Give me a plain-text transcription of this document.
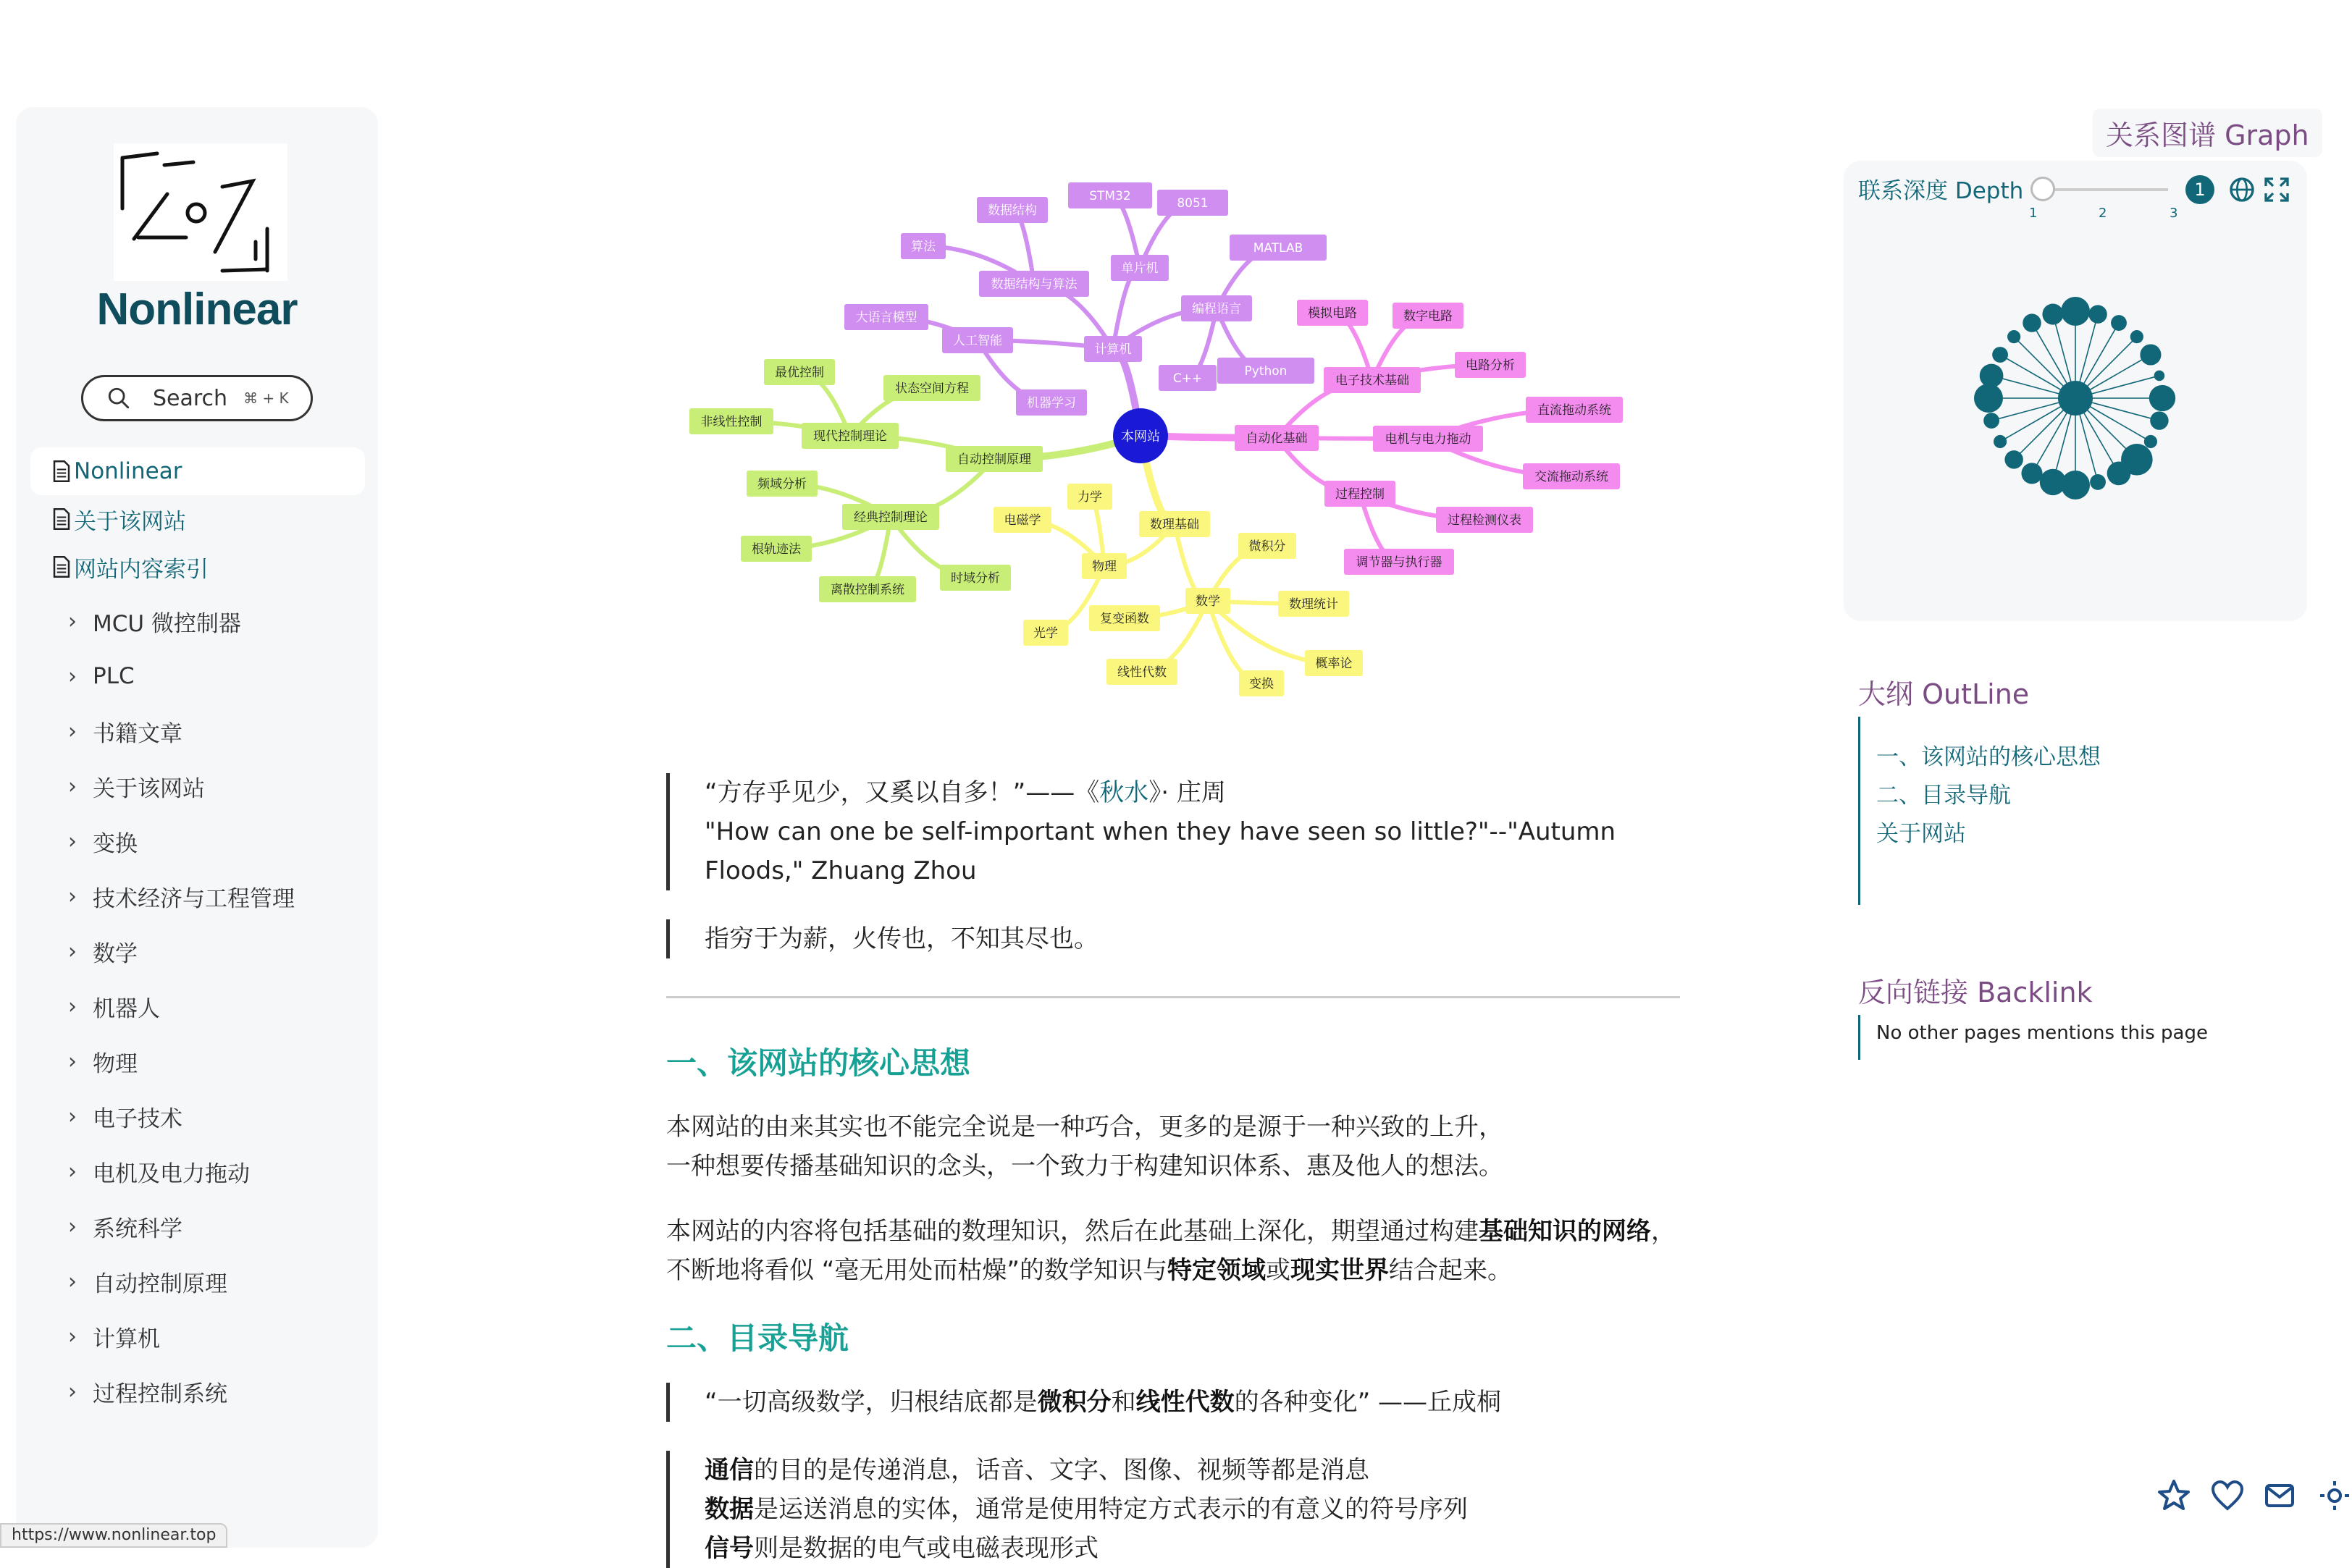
Nonlinear
Search ⌘ + K
Nonlinear
关于该网站
网站内容索引
› MCU 微控制器
› PLC
› 书籍文章
› 关于该网站
› 变换
› 技术经济与工程管理
› 数学
› 机器人
› 物理
› 电子技术
› 电机及电力拖动
› 系统科学
› 自动控制原理
› 计算机
› 过程控制系统
https://www.nonlinear.top
计算机
单片机
STM32	8051
数据结构与算法
数据结构
算法
人工智能
大语言模型
机器学习
编程语言
MATLAB
Python
C++
自动化基础
电子技术基础
模拟电路	数字电路
电路分析
电机与电力拖动
直流拖动系统
交流拖动系统
过程控制
过程检测仪表
调节器与执行器
自动控制原理
现代控制理论
最优控制
状态空间方程
非线性控制
经典控制理论
频域分析
根轨迹法
离散控制系统
时域分析
数理基础
物理
力学
电磁学
光学
数学
微积分
数理统计
概率论
变换
线性代数
复变函数
本网站
“方存乎见少，又奚以自多！”——《秋水》· 庄周
"How can one be self-important when they have seen so little?"--"Autumn Floods," Zhuang Zhou
指穷于为薪，火传也，不知其尽也。
一、该网站的核心思想
本网站的由来其实也不能完全说是一种巧合，更多的是源于一种兴致的上升，
一种想要传播基础知识的念头，一个致力于构建知识体系、惠及他人的想法。
本网站的内容将包括基础的数理知识，然后在此基础上深化，期望通过构建基础知识的网络，不断地将看似 “毫无用处而枯燥”的数学知识与特定领域或现实世界结合起来。
二、目录导航
“一切高级数学，归根结底都是微积分和线性代数的各种变化” ——丘成桐
通信的目的是传递消息，话音、文字、图像、视频等都是消息
数据是运送消息的实体，通常是使用特定方式表示的有意义的符号序列
信号则是数据的电气或电磁表现形式
关系图谱 Graph
联系深度 Depth
1	2	3
1
大纲 OutLine
一、该网站的核心思想
二、目录导航
关于网站
反向链接 Backlink
No other pages mentions this page
